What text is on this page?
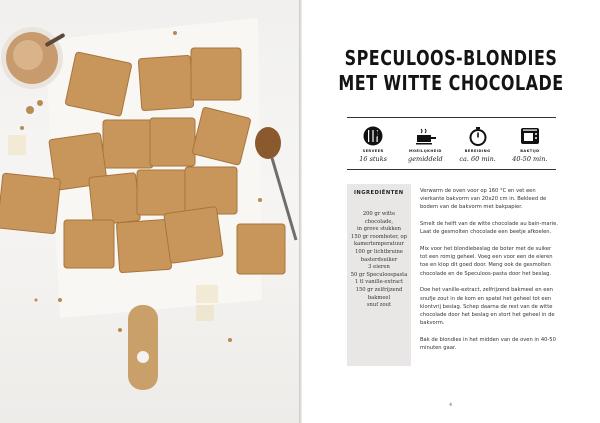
SPECULOOS-BLONDIES
MET WITTE CHOCOLADE
SERVEER
16 stuks
MOEILIJKHEID
gemiddeld
BEREIDING
ca. 60 min.
BAKTIJD
40-50 min.
INGREDIËNTEN
200 gr witte chocolade,
in grove stukken
150 gr roomboter, op
kamertemperatuur
100 gr lichtbruine
basterdsuiker
3 eieren
50 gr Speculoospasta
1 tl vanille-extract
150 gr zelfrijzend
bakmeel
snuf zout

Verwarm de oven voor op 160 °C en vet een vierkante bakvorm van 20x20 cm in. Bekleed de bodem van de bakvorm met bakpapier.

Smelt de helft van de witte chocolade au bain-marie. Laat de gesmolten chocolade een beetje afkoelen.

Mix voor het blondiebeslag de boter met de suiker tot een romig geheel. Voeg een voor een de eieren toe en klop dit goed door. Meng ook de gesmolten chocolade en de Speculoos-pasta door het beslag.

Doe het vanille-extract, zelfrijzend bakmeel en een snufje zout in de kom en spatel het geheel tot een klontvrij beslag. Schep daarna de rest van de witte chocolade door het beslag en stort het geheel in de bakvorm.

Bak de blondies in het midden van de oven in 40-50 minuten gaar.

4
